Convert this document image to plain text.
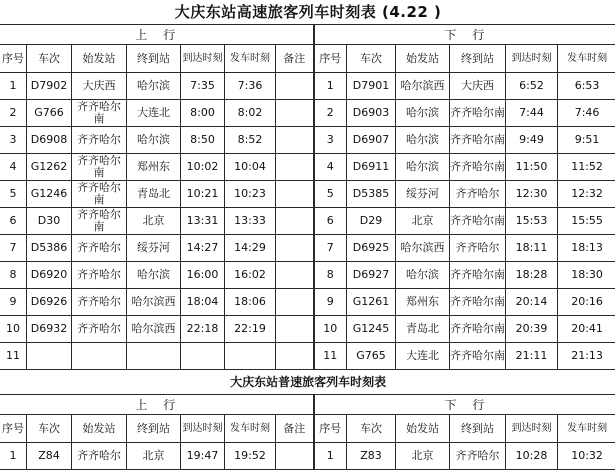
大庆东站高速旅客列车时刻表 (4.22 )												
上　行							下　行					
序号	车次	始发站	终到站	到达时刻	发车时刻	备注	序号	车次	始发站	终到站	到达时刻	发车时刻
1	D7902	大庆西	哈尔滨	7:35	7:36		1	D7901	哈尔滨西	大庆西	6:52	6:53
2	G766	齐齐哈尔南	大连北	8:00	8:02		2	D6903	哈尔滨	齐齐哈尔南	7:44	7:46
3	D6908	齐齐哈尔	哈尔滨	8:50	8:52		3	D6907	哈尔滨	齐齐哈尔南	9:49	9:51
4	G1262	齐齐哈尔南	郑州东	10:02	10:04		4	D6911	哈尔滨	齐齐哈尔南	11:50	11:52
5	G1246	齐齐哈尔南	青岛北	10:21	10:23		5	D5385	绥芬河	齐齐哈尔	12:30	12:32
6	D30	齐齐哈尔南	北京	13:31	13:33		6	D29	北京	齐齐哈尔南	15:53	15:55
7	D5386	齐齐哈尔	绥芬河	14:27	14:29		7	D6925	哈尔滨西	齐齐哈尔	18:11	18:13
8	D6920	齐齐哈尔	哈尔滨	16:00	16:02		8	D6927	哈尔滨	齐齐哈尔南	18:28	18:30
9	D6926	齐齐哈尔	哈尔滨西	18:04	18:06		9	G1261	郑州东	齐齐哈尔南	20:14	20:16
10	D6932	齐齐哈尔	哈尔滨西	22:18	22:19		10	G1245	青岛北	齐齐哈尔南	20:39	20:41
11							11	G765	大连北	齐齐哈尔南	21:11	21:13
大庆东站普速旅客列车时刻表												
上　行							下　行					
序号	车次	始发站	终到站	到达时刻	发车时刻	备注	序号	车次	始发站	终到站	到达时刻	发车时刻
1	Z84	齐齐哈尔	北京	19:47	19:52		1	Z83	北京	齐齐哈尔	10:28	10:32
